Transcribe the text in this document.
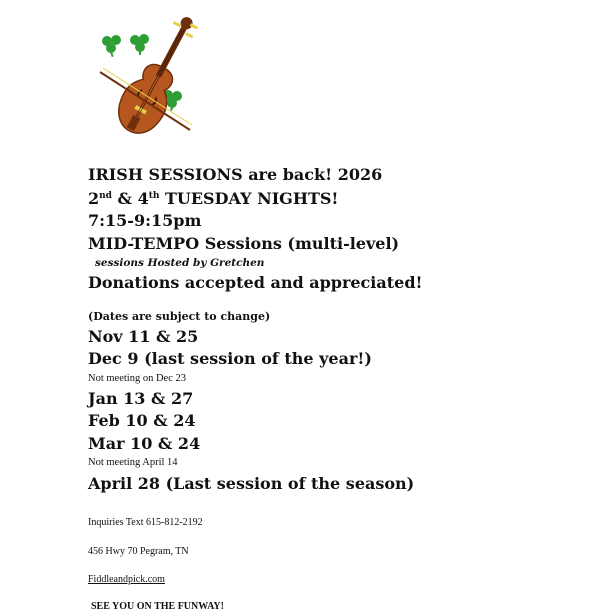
IRISH SESSIONS are back! 2026
2nd & 4th TUESDAY NIGHTS!
7:15-9:15pm
MID-TEMPO Sessions (multi-level)
sessions Hosted by Gretchen
Donations accepted and appreciated!
(Dates are subject to change)
Nov 11 & 25
Dec 9 (last session of the year!)
Not meeting on Dec 23
Jan 13 & 27
Feb 10 & 24
Mar 10 & 24
Not meeting April 14
April 28 (Last session of the season)
Inquiries Text 615-812-2192
456 Hwy 70 Pegram, TN
Fiddleandpick.com
SEE YOU ON THE FUNWAY!
